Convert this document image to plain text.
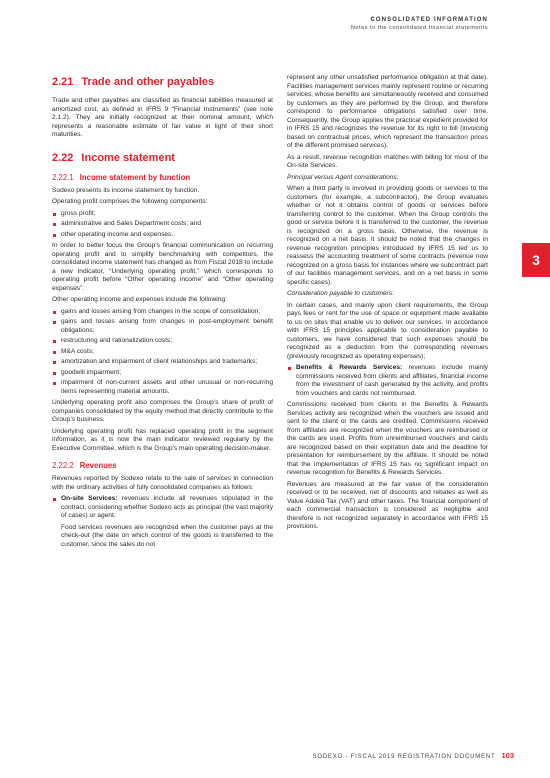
CONSOLIDATED INFORMATION
Notes to the consolidated financial statements
2.21 Trade and other payables

Trade and other payables are classified as financial liabilities measured at amortized cost, as defined in IFRS 9 “Financial Instruments” (see note 2.1.2). They are initially recognized at their nominal amount, which represents a reasonable estimate of fair value in light of their short maturities.

2.22 Income statement
2.22.1 Income statement by function

Sodexo presents its income statement by function.

Operating profit comprises the following components:

gross profit;
administrative and Sales Department costs; and
other operating income and expenses.

In order to better focus the Group’s financial communication on recurring operating profit and to simplify benchmarking with competitors, the consolidated income statement has changed as from Fiscal 2018 to include a new indicator, “Underlying operating profit,” which corresponds to operating profit before “Other operating income” and “Other operating expenses”.

Other operating income and expenses include the following:

gains and losses arising from changes in the scope of consolidation;
gains and losses arising from changes in post-employment benefit obligations;
restructuring and rationalization costs;
M&A costs;
amortization and impairment of client relationships and trademarks;
goodwill impairment;
impairment of non-current assets and other unusual or non-recurring items representing material amounts.

Underlying operating profit also comprises the Group’s share of profit of companies consolidated by the equity method that directly contribute to the Group’s business.

Underlying operating profit has replaced operating profit in the segment information, as it is now the main indicator reviewed regularly by the Executive Committee, which is the Group’s main operating decision-maker.

2.22.2 Revenues

Revenues reported by Sodexo relate to the sale of services in connection with the ordinary activities of fully consolidated companies as follows:

On-site Services: revenues include all revenues stipulated in the contract, considering whether Sodexo acts as principal (the vast majority of cases) or agent.

Food services revenues are recognized when the customer pays at the check-out (the date on which control of the goods is transferred to the customer, since the sales do not

represent any other unsatisfied performance obligation at that date). Facilities management services mainly represent routine or recurring services, whose benefits are simultaneously received and consumed by customers as they are performed by the Group, and therefore correspond to performance obligations satisfied over time. Consequently, the Group applies the practical expedient provided for in IFRS 15 and recognizes the revenue for its right to bill (invoicing based on contractual prices, which represent the transaction prices of the different promised services).

As a result, revenue recognition matches with billing for most of the On-site Services.

Principal versus Agent considerations:

When a third party is involved in providing goods or services to the customers (for example, a subcontractor), the Group evaluates whether or not it obtains control of goods or services before transferring control to the customer. When the Group controls the good or service before it is transferred to the customer, the revenue is recognized on a gross basis. Otherwise, the revenue is recognized on a net basis. It should be noted that the changes in revenue recognition principles introduced by IFRS 15 led us to reassess the accounting treatment of some contracts (revenue now recognized on a gross basis for instances where we subcontract part of our facilities management services, and on a net basis in some specific cases).

Consideration payable to customers:

In certain cases, and mainly upon client requirements, the Group pays fees or rent for the use of space or equipment made available to us on sites that enable us to deliver our services. In accordance with IFRS 15 principles applicable to consideration payable to customers, we have considered that such expenses should be recognized as a deduction from the corresponding revenues (previously recognized as operating expenses);

Benefits & Rewards Services: revenues include mainly commissions received from clients and affiliates, financial income from the investment of cash generated by the activity, and profits from vouchers and cards not reimbursed.

Commissions received from clients in the Benefits & Rewards Services activity are recognized when the vouchers are issued and sent to the client or the cards are credited. Commissions received from affiliates are recognized when the vouchers are reimbursed or the cards are used. Profits from unreimbursed vouchers and cards are recognized based on their expiration date and the deadline for presentation for reimbursement by the affiliate. It should be noted that the implementation of IFRS 15 has no significant impact on revenue recognition for Benefits & Rewards Services.

Revenues are measured at the fair value of the consideration received or to be received, net of discounts and rebates as well as Value Added Tax (VAT) and other taxes. The financial component of each commercial transaction is considered as negligible and therefore is not recognized separately in accordance with IFRS 15 provisions.

3
SODEXO - FISCAL 2019 REGISTRATION DOCUMENT 103
